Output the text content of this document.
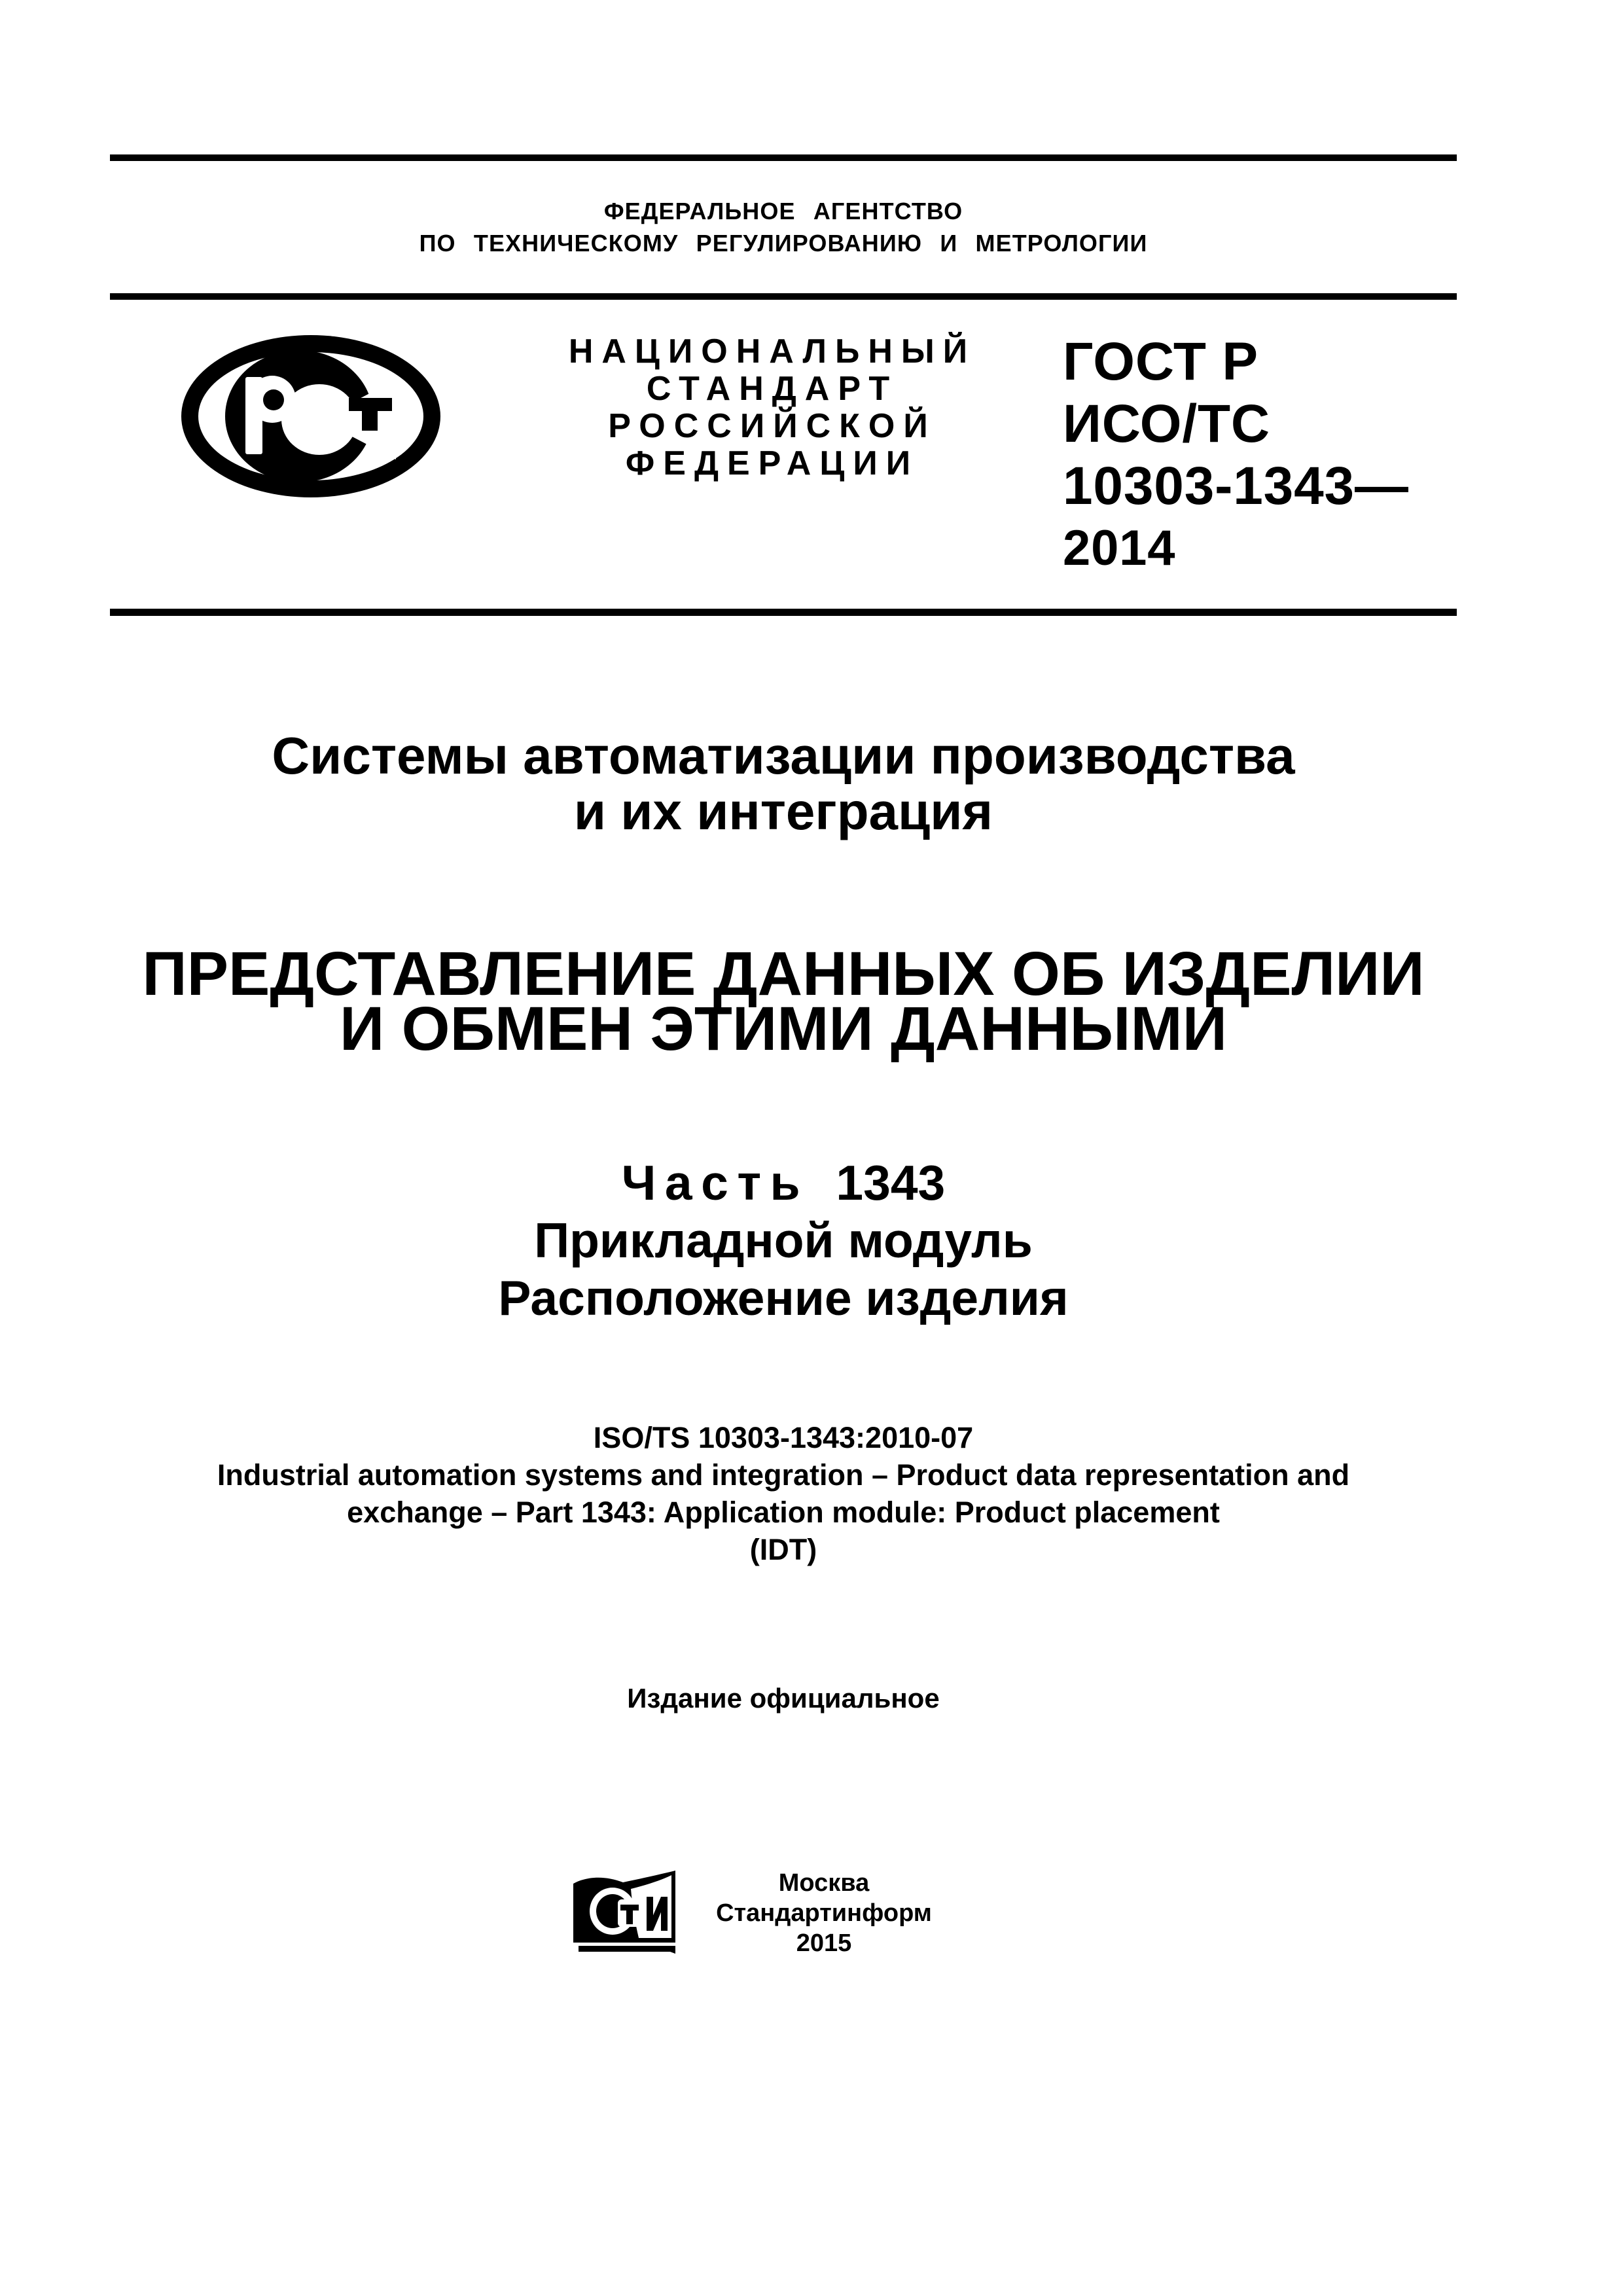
ФЕДЕРАЛЬНОЕ АГЕНТСТВО
ПО ТЕХНИЧЕСКОМУ РЕГУЛИРОВАНИЮ И МЕТРОЛОГИИ
НАЦИОНАЛЬНЫЙ
СТАНДАРТ
РОССИЙСКОЙ
ФЕДЕРАЦИИ
ГОСТ Р
ИСО/ТС
10303-1343—
2014
Системы автоматизации производства
и их интеграция
ПРЕДСТАВЛЕНИЕ ДАННЫХ ОБ ИЗДЕЛИИ
И ОБМЕН ЭТИМИ ДАННЫМИ
Часть 1343
Прикладной модуль
Расположение изделия
ISO/TS 10303-1343:2010-07
Industrial automation systems and integration – Product data representation and
exchange – Part 1343: Application module: Product placement
(IDT)
Издание официальное
Москва
Стандартинформ
2015
